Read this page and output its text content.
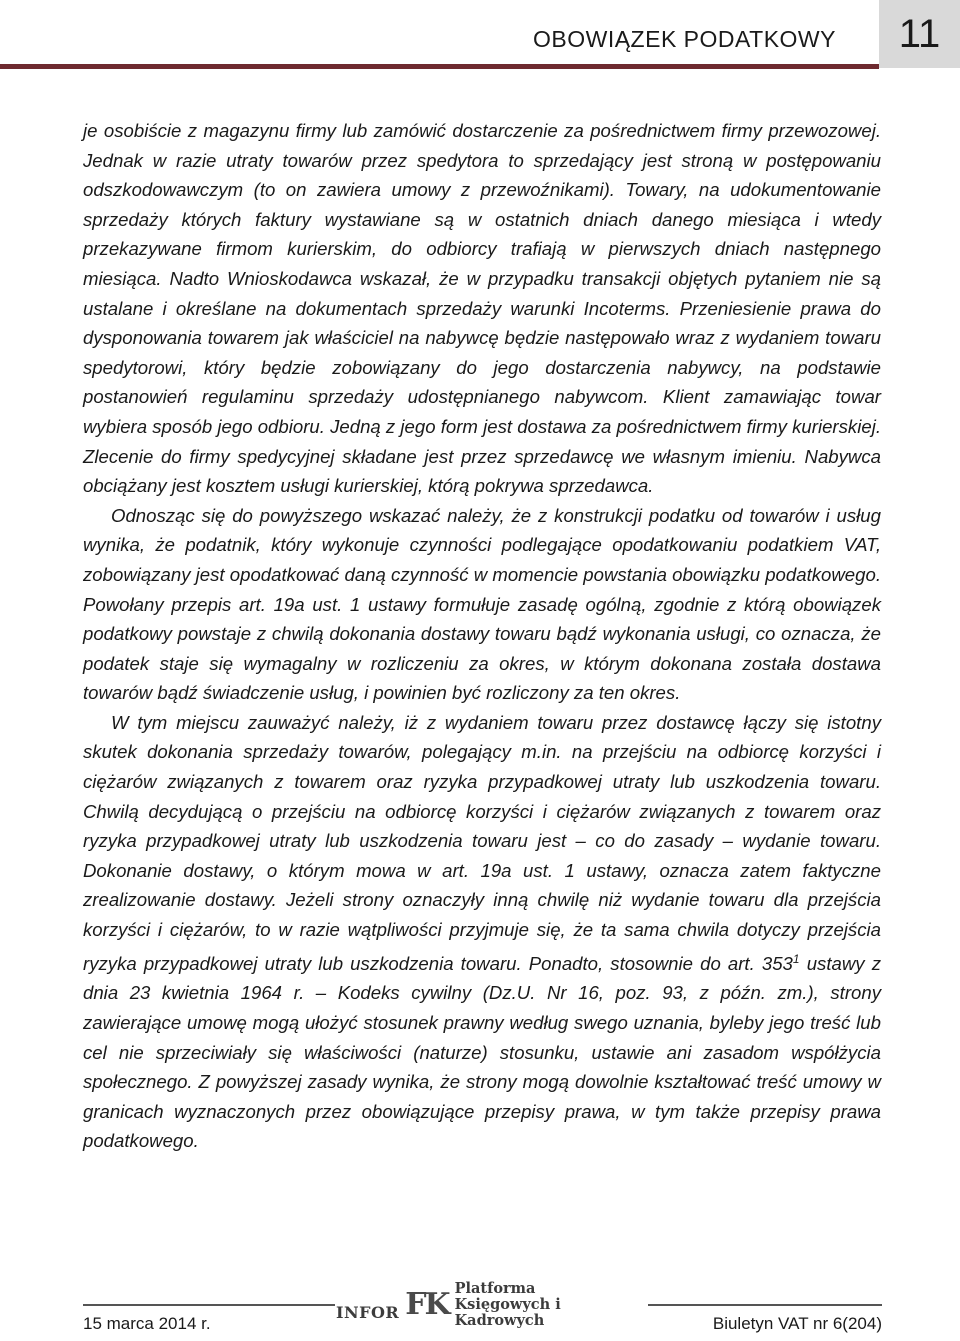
OBOWIĄZEK PODATKOWY	11

je osobiście z magazynu firmy lub zamówić dostarczenie za pośrednictwem firmy przewozowej. Jednak w razie utraty towarów przez spedytora to sprzedający jest stroną w postępowaniu odszkodowawczym (to on zawiera umowy z przewoźnikami). Towary, na udokumentowanie sprzedaży których faktury wystawiane są w ostatnich dniach danego miesiąca i wtedy przekazywane firmom kurierskim, do odbiorcy trafiają w pierwszych dniach następnego miesiąca. Nadto Wnioskodawca wskazał, że w przypadku transakcji objętych pytaniem nie są ustalane i określane na dokumentach sprzedaży warunki Incoterms. Przeniesienie prawa do dysponowania towarem jak właściciel na nabywcę będzie następowało wraz z wydaniem towaru spedytorowi, który będzie zobowiązany do jego dostarczenia nabywcy, na podstawie postanowień regulaminu sprzedaży udostępnianego nabywcom. Klient zamawiając towar wybiera sposób jego odbioru. Jedną z jego form jest dostawa za pośrednictwem firmy kurierskiej. Zlecenie do firmy spedycyjnej składane jest przez sprzedawcę we własnym imieniu. Nabywca obciążany jest kosztem usługi kurierskiej, którą pokrywa sprzedawca.

Odnosząc się do powyższego wskazać należy, że z konstrukcji podatku od towarów i usług wynika, że podatnik, który wykonuje czynności podlegające opodatkowaniu podatkiem VAT, zobowiązany jest opodatkować daną czynność w momencie powstania obowiązku podatkowego. Powołany przepis art. 19a ust. 1 ustawy formułuje zasadę ogólną, zgodnie z którą obowiązek podatkowy powstaje z chwilą dokonania dostawy towaru bądź wykonania usługi, co oznacza, że podatek staje się wymagalny w rozliczeniu za okres, w którym dokonana została dostawa towarów bądź świadczenie usług, i powinien być rozliczony za ten okres.

W tym miejscu zauważyć należy, iż z wydaniem towaru przez dostawcę łączy się istotny skutek dokonania sprzedaży towarów, polegający m.in. na przejściu na odbiorcę korzyści i ciężarów związanych z towarem oraz ryzyka przypadkowej utraty lub uszkodzenia towaru. Chwilą decydującą o przejściu na odbiorcę korzyści i ciężarów związanych z towarem oraz ryzyka przypadkowej utraty lub uszkodzenia towaru jest – co do zasady – wydanie towaru. Dokonanie dostawy, o którym mowa w art. 19a ust. 1 ustawy, oznacza zatem faktyczne zrealizowanie dostawy. Jeżeli strony oznaczyły inną chwilę niż wydanie towaru dla przejścia korzyści i ciężarów, to w razie wątpliwości przyjmuje się, że ta sama chwila dotyczy przejścia ryzyka przypadkowej utraty lub uszkodzenia towaru. Ponadto, stosownie do art. $353^1$ ustawy z dnia 23 kwietnia 1964 r. – Kodeks cywilny (Dz.U. Nr 16, poz. 93, z późn. zm.), strony zawierające umowę mogą ułożyć stosunek prawny według swego uznania, byleby jego treść lub cel nie sprzeciwiały się właściwości (naturze) stosunku, ustawie ani zasadom współżycia społecznego. Z powyższej zasady wynika, że strony mogą dowolnie kształtować treść umowy w granicach wyznaczonych przez obowiązujące przepisy prawa, w tym także przepisy prawa podatkowego.

INFOR FK Platforma
Księgowych i Kadrowych
15 marca 2014 r.	Biuletyn VAT nr 6(204)
